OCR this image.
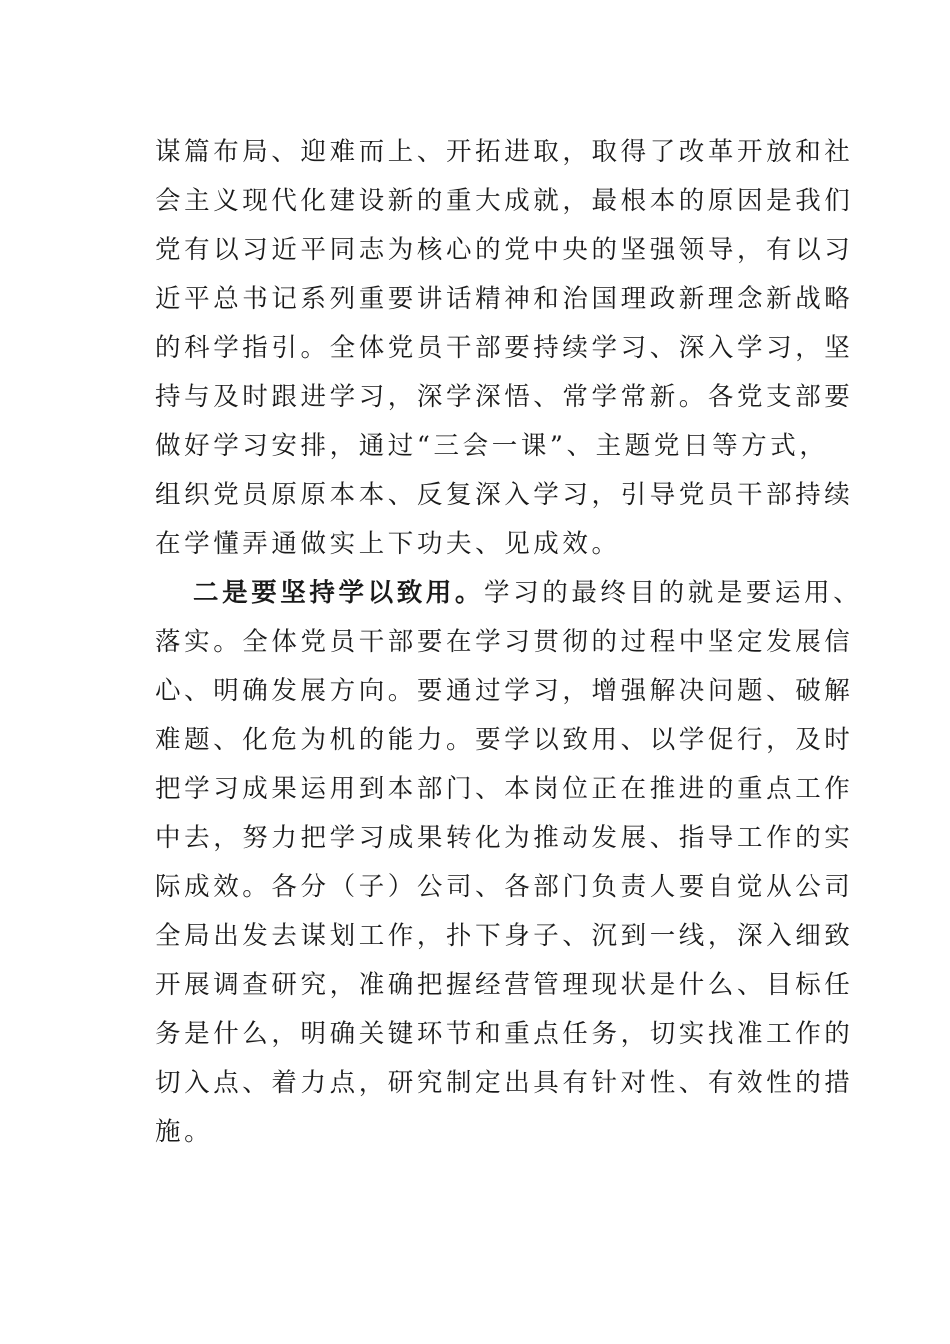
谋篇布局、迎难而上、开拓进取，取得了改革开放和社
会主义现代化建设新的重大成就，最根本的原因是我们
党有以习近平同志为核心的党中央的坚强领导，有以习
近平总书记系列重要讲话精神和治国理政新理念新战略
的科学指引。全体党员干部要持续学习、深入学习，坚
持与及时跟进学习，深学深悟、常学常新。各党支部要
做好学习安排，通过“三会一课”、主题党日等方式，
组织党员原原本本、反复深入学习，引导党员干部持续
在学懂弄通做实上下功夫、见成效。
二是要坚持学以致用。学习的最终目的就是要运用、
落实。全体党员干部要在学习贯彻的过程中坚定发展信
心、明确发展方向。要通过学习，增强解决问题、破解
难题、化危为机的能力。要学以致用、以学促行，及时
把学习成果运用到本部门、本岗位正在推进的重点工作
中去，努力把学习成果转化为推动发展、指导工作的实
际成效。各分（子）公司、各部门负责人要自觉从公司
全局出发去谋划工作，扑下身子、沉到一线，深入细致
开展调查研究，准确把握经营管理现状是什么、目标任
务是什么，明确关键环节和重点任务，切实找准工作的
切入点、着力点，研究制定出具有针对性、有效性的措
施。
